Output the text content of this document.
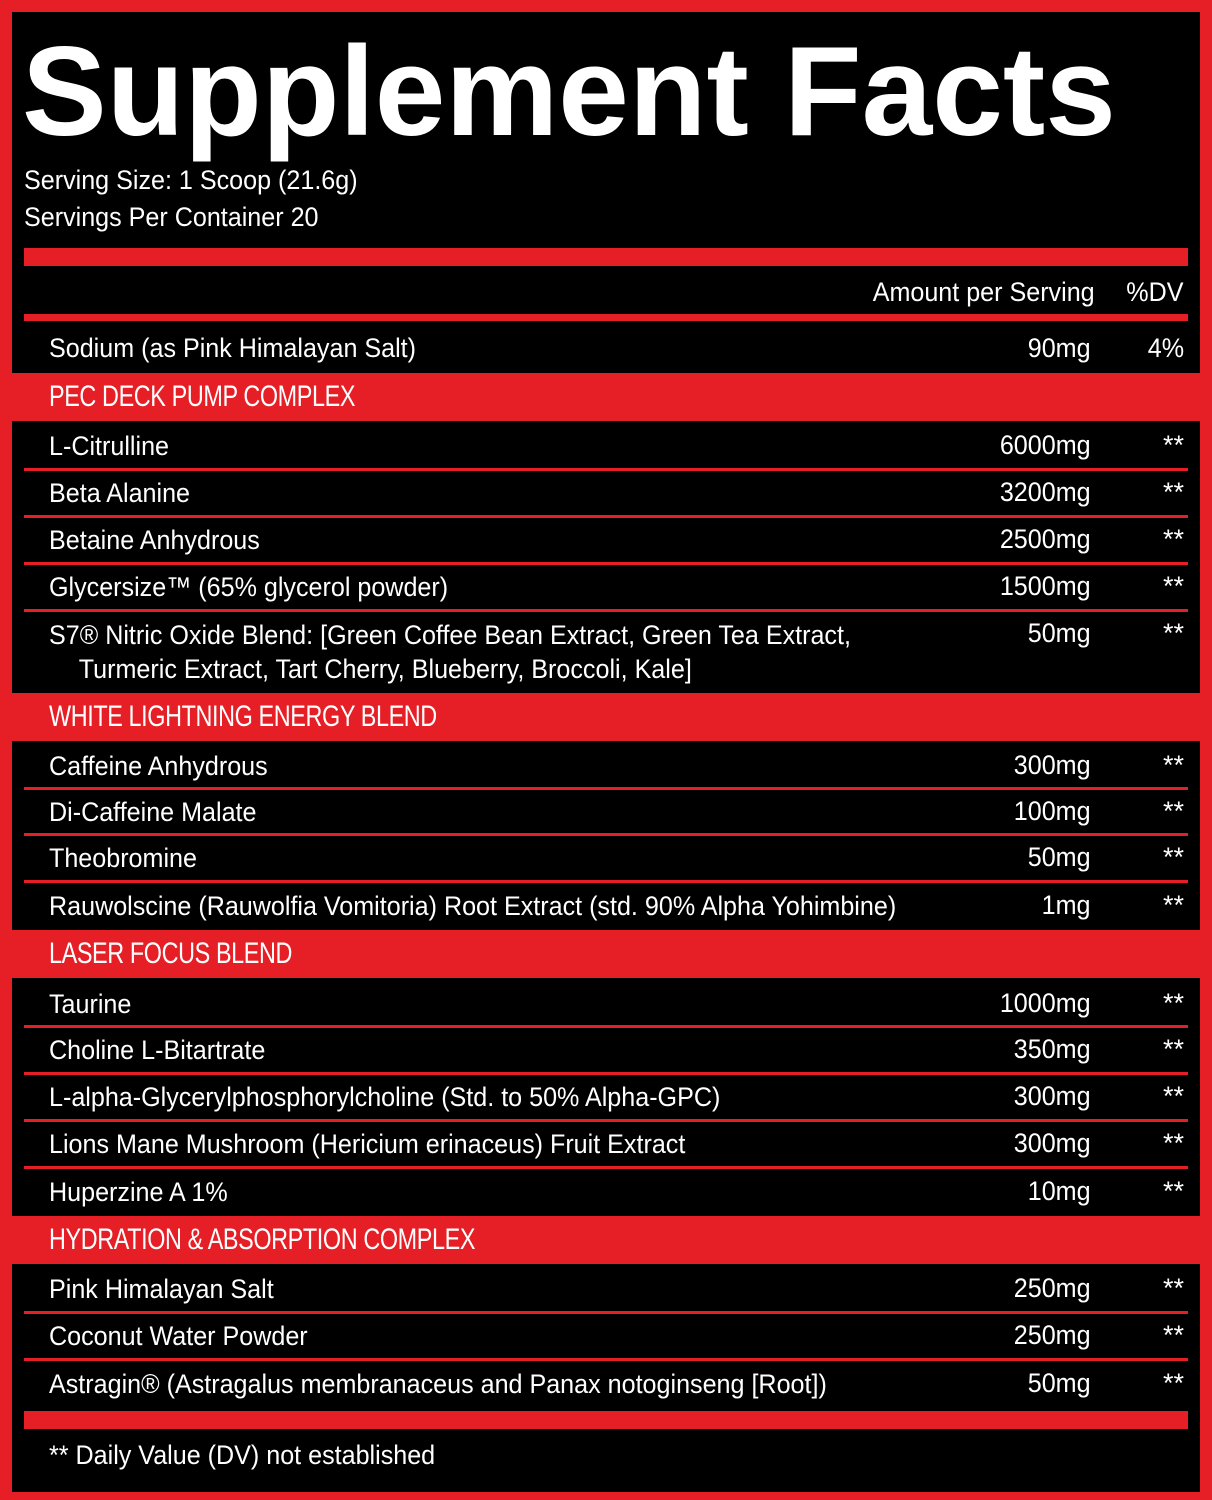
Supplement Facts
Serving Size: 1 Scoop (21.6g)
Servings Per Container 20
Amount per Serving %DV
Sodium (as Pink Himalayan Salt)	90mg 4%
PEC DECK PUMP COMPLEX
L-Citrulline	6000mg	**
Beta Alanine	3200mg	**
Betaine Anhydrous	2500mg	**
Glycersize™ (65% glycerol powder)	1500mg	**
S7® Nitric Oxide Blend: [Green Coffee Bean Extract, Green Tea Extract,
Turmeric Extract, Tart Cherry, Blueberry, Broccoli, Kale]
50mg	**
WHITE LIGHTNING ENERGY BLEND
Caffeine Anhydrous	300mg	**
Di-Caffeine Malate	100mg	**
Theobromine	50mg	**
Rauwolscine (Rauwolfia Vomitoria) Root Extract (std. 90% Alpha Yohimbine)	1mg	**
LASER FOCUS BLEND
Taurine	1000mg	**
Choline L-Bitartrate	350mg	**
L-alpha-Glycerylphosphorylcholine (Std. to 50% Alpha-GPC)	300mg	**
Lions Mane Mushroom (Hericium erinaceus) Fruit Extract	300mg	**
Huperzine A 1%	10mg	**
HYDRATION & ABSORPTION COMPLEX
Pink Himalayan Salt	250mg	**
Coconut Water Powder	250mg	**
Astragin® (Astragalus membranaceus and Panax notoginseng [Root])	50mg	**
** Daily Value (DV) not established
